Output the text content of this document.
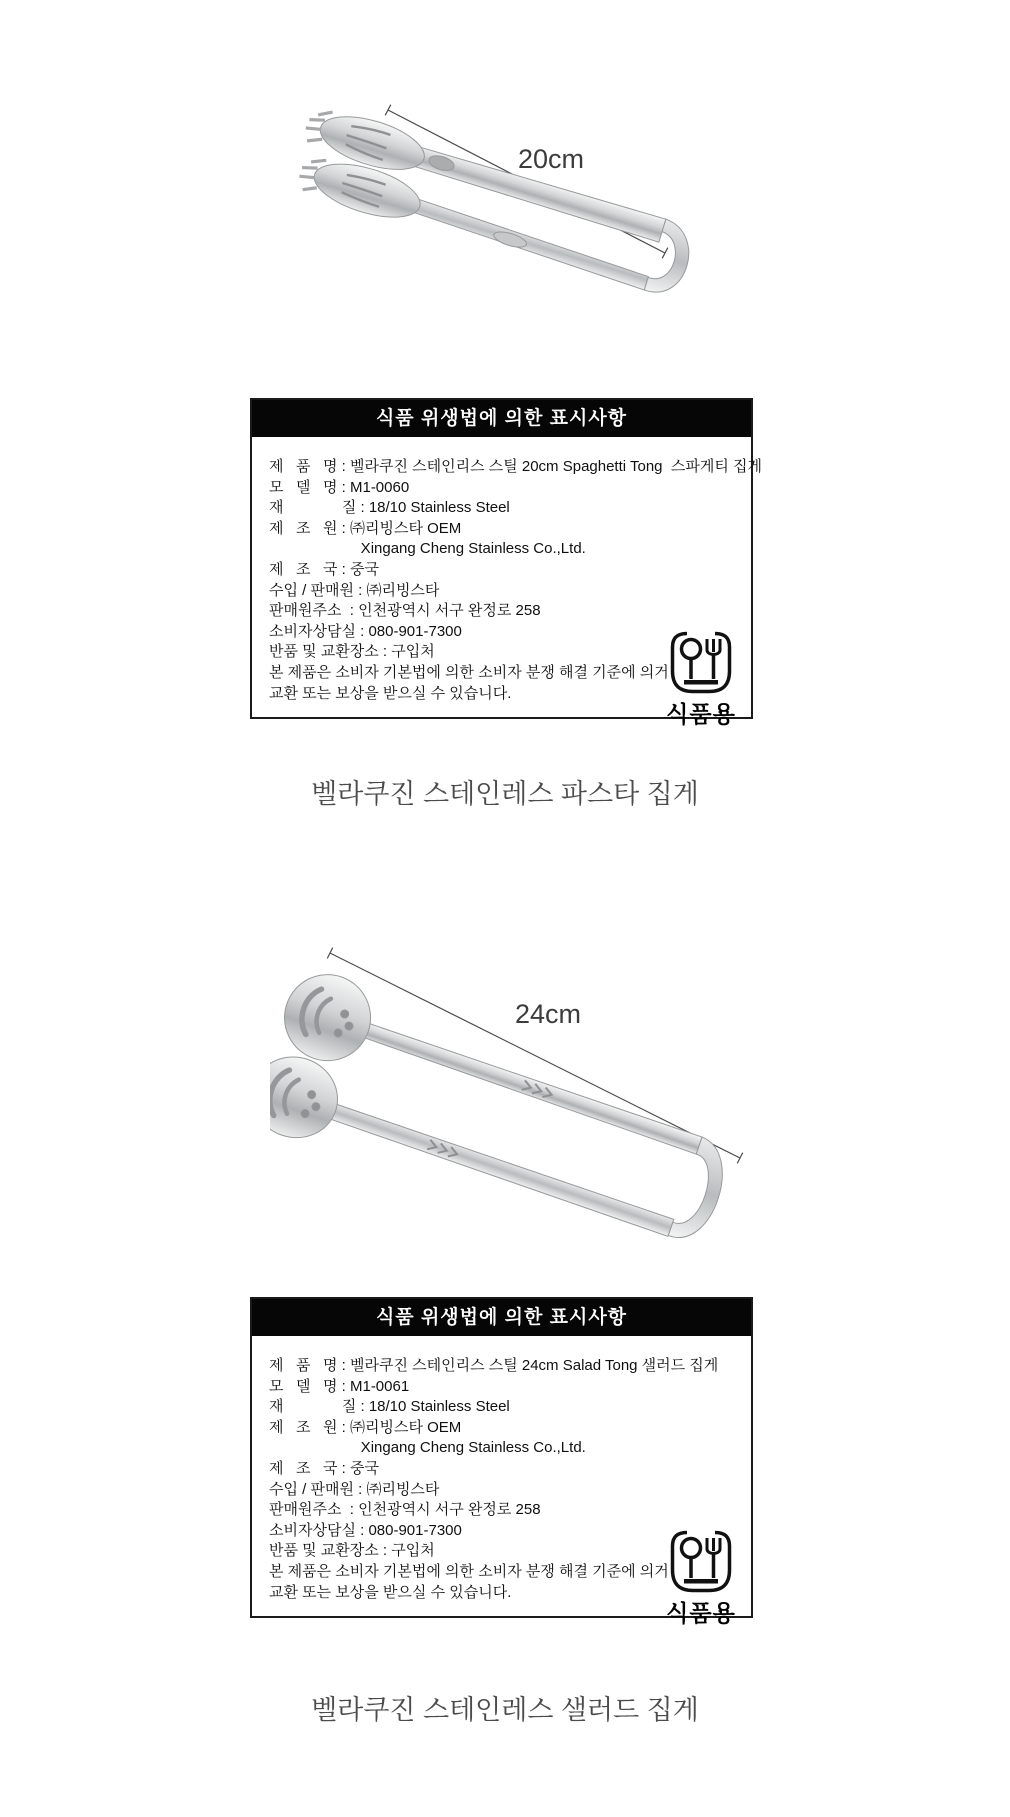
20cm
식품 위생법에 의한 표시사항
제   품   명 : 벨라쿠진 스테인리스 스틸 20cm Spaghetti Tong  스파게티 집게
모   델   명 : M1-0060
재              질 : 18/10 Stainless Steel
제   조   원 : ㈜리빙스타 OEM
Xingang Cheng Stainless Co.,Ltd.
제   조   국 : 중국
수입 / 판매원 : ㈜리빙스타
판매원주소  : 인천광역시 서구 완정로 258
소비자상담실 : 080-901-7300
반품 및 교환장소 : 구입처
본 제품은 소비자 기본법에 의한 소비자 분쟁 해결 기준에 의거
교환 또는 보상을 받으실 수 있습니다.
식품용
벨라쿠진 스테인레스 파스타 집게
24cm
식품 위생법에 의한 표시사항
제   품   명 : 벨라쿠진 스테인리스 스틸 24cm Salad Tong 샐러드 집게
모   델   명 : M1-0061
재              질 : 18/10 Stainless Steel
제   조   원 : ㈜리빙스타 OEM
Xingang Cheng Stainless Co.,Ltd.
제   조   국 : 중국
수입 / 판매원 : ㈜리빙스타
판매원주소  : 인천광역시 서구 완정로 258
소비자상담실 : 080-901-7300
반품 및 교환장소 : 구입처
본 제품은 소비자 기본법에 의한 소비자 분쟁 해결 기준에 의거
교환 또는 보상을 받으실 수 있습니다.
식품용
벨라쿠진 스테인레스 샐러드 집게
